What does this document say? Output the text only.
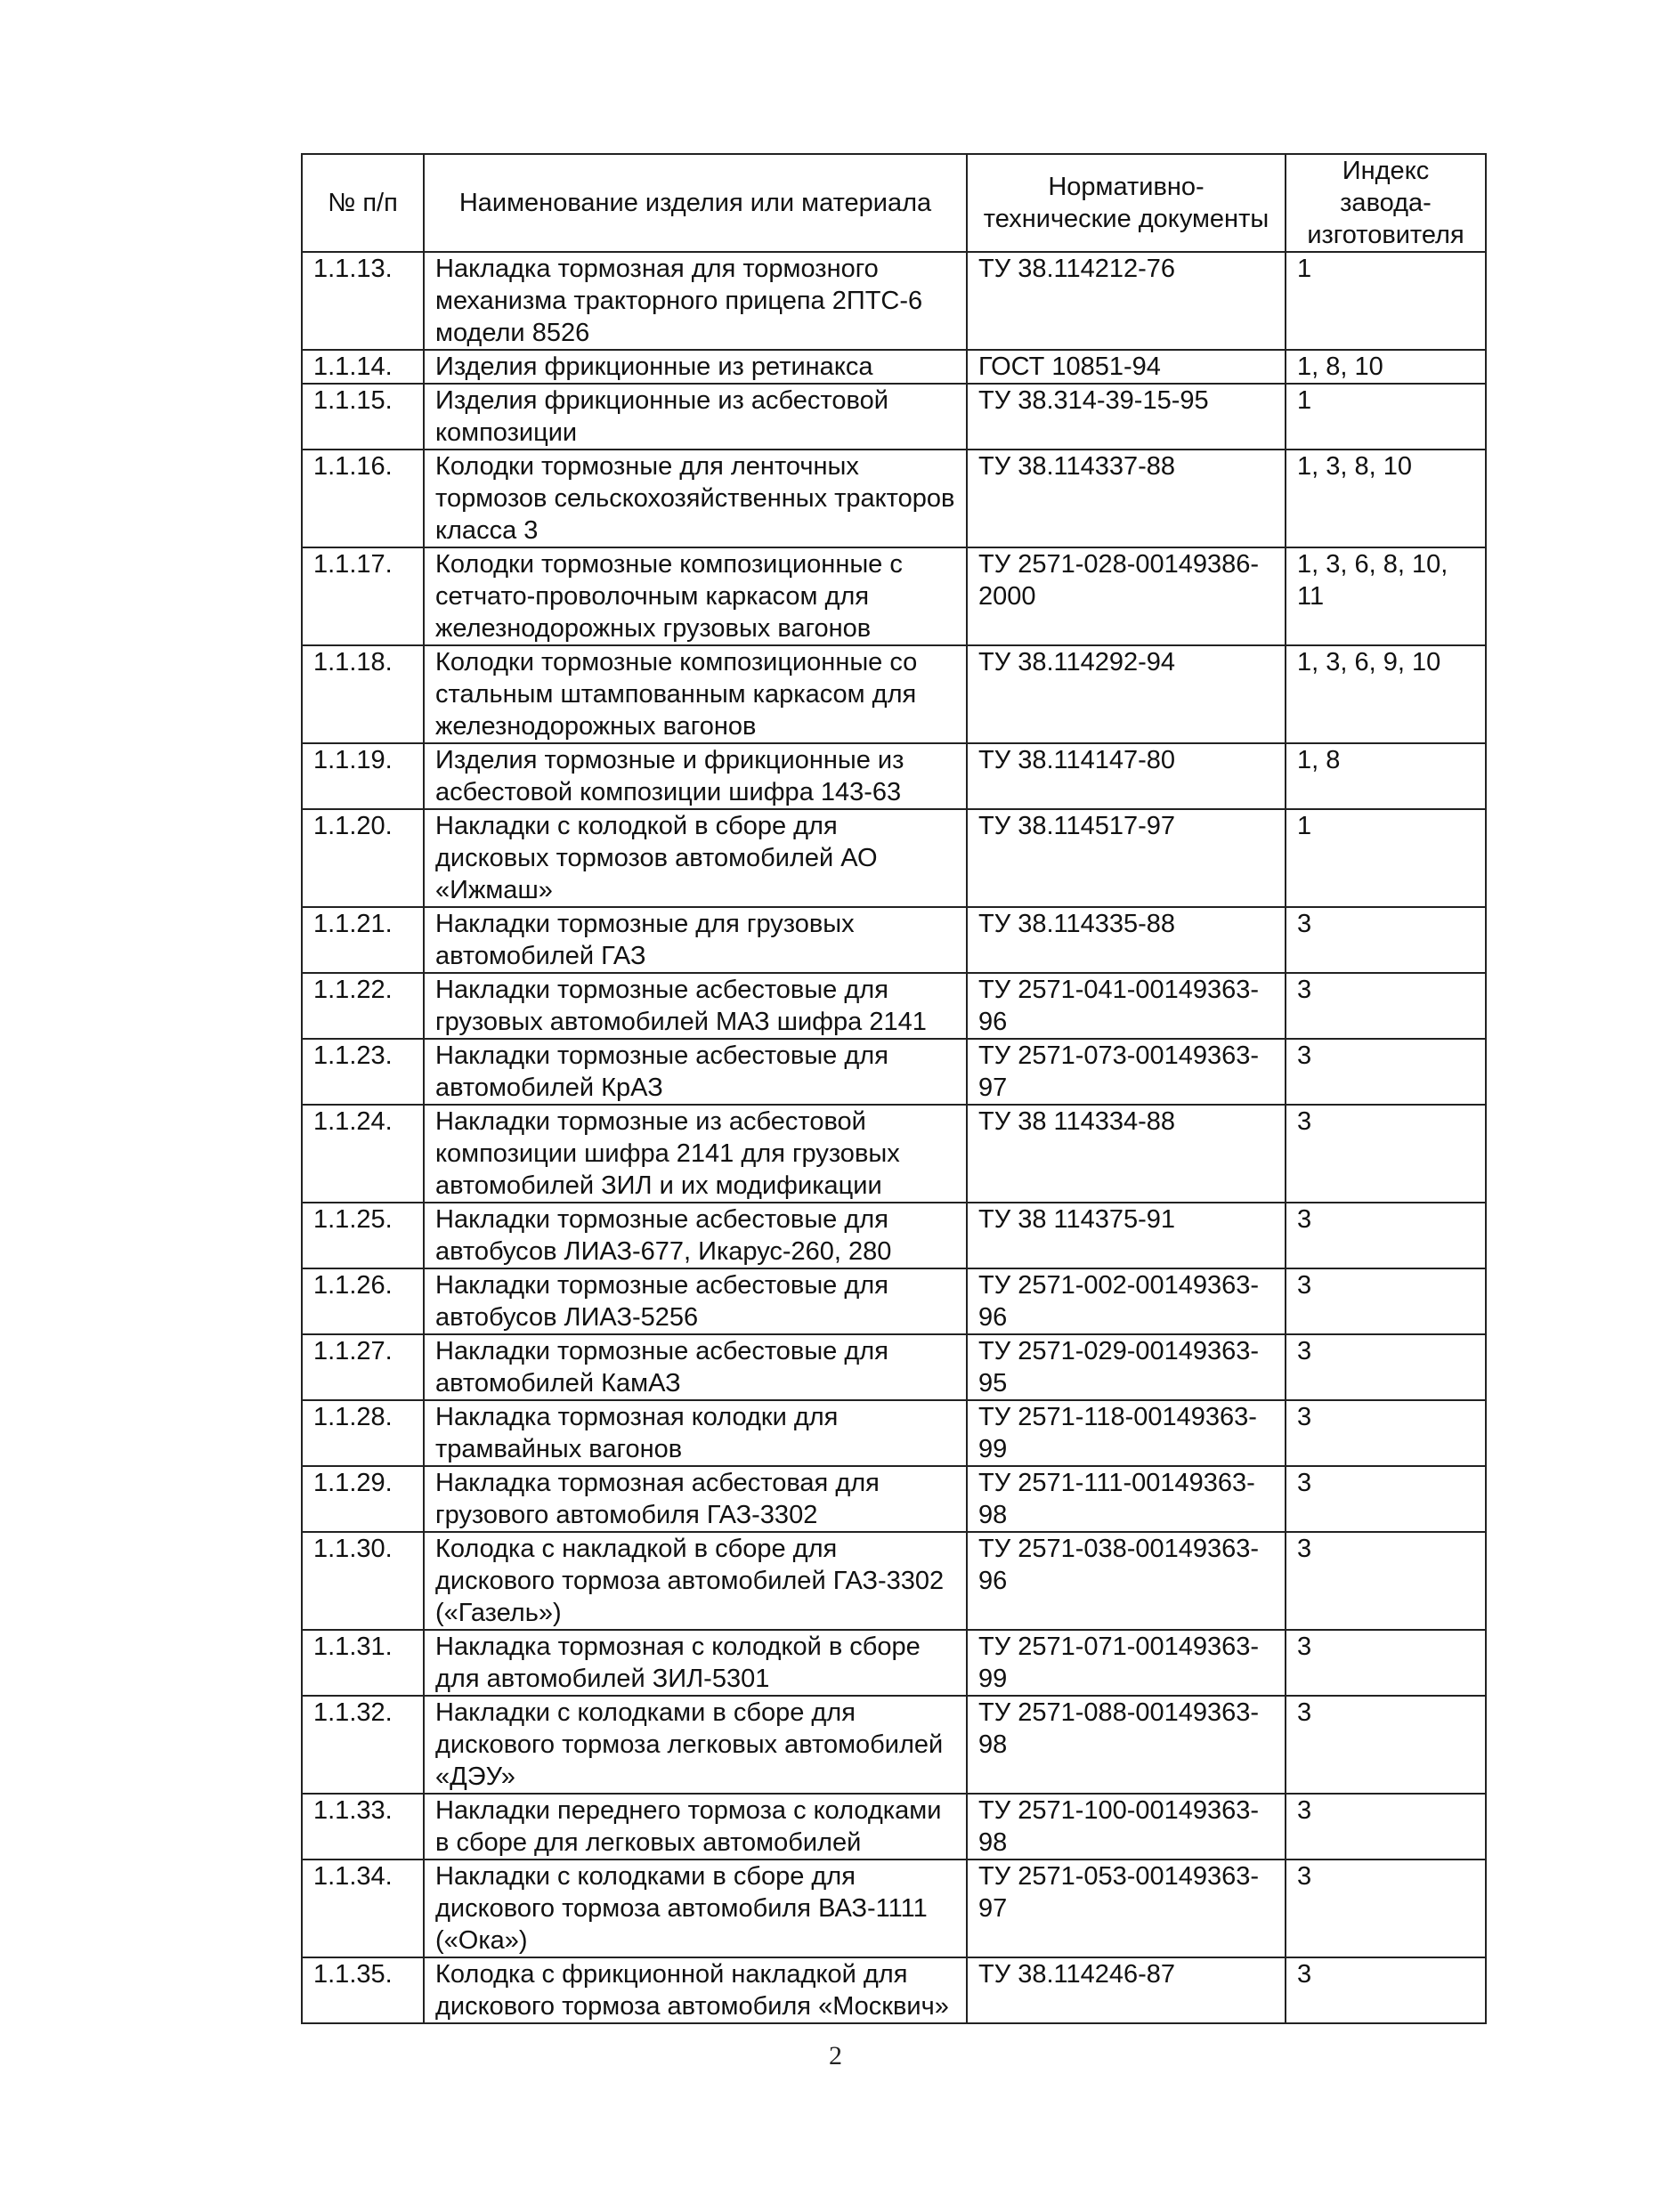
№ п/п	Наименование изделия или материала	Нормативно-технические документы	Индекс завода-изготовителя
1.1.13.	Накладка тормозная для тормозного механизма тракторного прицепа 2ПТС-6 модели 8526	ТУ 38.114212-76	1
1.1.14.	Изделия фрикционные из ретинакса	ГОСТ 10851-94	1, 8, 10
1.1.15.	Изделия фрикционные из асбестовой композиции	ТУ 38.314-39-15-95	1
1.1.16.	Колодки тормозные для ленточных тормозов сельскохозяйственных тракторов класса 3	ТУ 38.114337-88	1, 3, 8, 10
1.1.17.	Колодки тормозные композиционные с сетчато-проволочным каркасом для железнодорожных грузовых вагонов	ТУ 2571-028-00149386-2000	1, 3, 6, 8, 10, 11
1.1.18.	Колодки тормозные композиционные со стальным штампованным каркасом для железнодорожных вагонов	ТУ 38.114292-94	1, 3, 6, 9, 10
1.1.19.	Изделия тормозные и фрикционные из асбестовой композиции шифра 143-63	ТУ 38.114147-80	1, 8
1.1.20.	Накладки с колодкой в сборе для дисковых тормозов автомобилей АО «Ижмаш»	ТУ 38.114517-97	1
1.1.21.	Накладки тормозные для грузовых автомобилей ГАЗ	ТУ 38.114335-88	3
1.1.22.	Накладки тормозные асбестовые для грузовых автомобилей МАЗ шифра 2141	ТУ 2571-041-00149363-96	3
1.1.23.	Накладки тормозные асбестовые для автомобилей КрАЗ	ТУ 2571-073-00149363-97	3
1.1.24.	Накладки тормозные из асбестовой композиции шифра 2141 для грузовых автомобилей ЗИЛ и их модификации	ТУ 38 114334-88	3
1.1.25.	Накладки тормозные асбестовые для автобусов ЛИАЗ-677, Икарус-260, 280	ТУ 38 114375-91	3
1.1.26.	Накладки тормозные асбестовые для автобусов ЛИАЗ-5256	ТУ 2571-002-00149363-96	3
1.1.27.	Накладки тормозные асбестовые для автомобилей КамАЗ	ТУ 2571-029-00149363-95	3
1.1.28.	Накладка тормозная колодки для трамвайных вагонов	ТУ 2571-118-00149363-99	3
1.1.29.	Накладка тормозная асбестовая для грузового автомобиля ГАЗ-3302	ТУ 2571-111-00149363-98	3
1.1.30.	Колодка с накладкой в сборе для дискового тормоза автомобилей ГАЗ-3302 («Газель»)	ТУ 2571-038-00149363-96	3
1.1.31.	Накладка тормозная с колодкой в сборе для автомобилей ЗИЛ-5301	ТУ 2571-071-00149363-99	3
1.1.32.	Накладки с колодками в сборе для дискового тормоза легковых автомобилей «ДЭУ»	ТУ 2571-088-00149363-98	3
1.1.33.	Накладки переднего тормоза с колодками в сборе для легковых автомобилей	ТУ 2571-100-00149363-98	3
1.1.34.	Накладки с колодками в сборе для дискового тормоза автомобиля ВАЗ-1111 («Ока»)	ТУ 2571-053-00149363-97	3
1.1.35.	Колодка с фрикционной накладкой для дискового тормоза автомобиля «Москвич»	ТУ 38.114246-87	3
2
